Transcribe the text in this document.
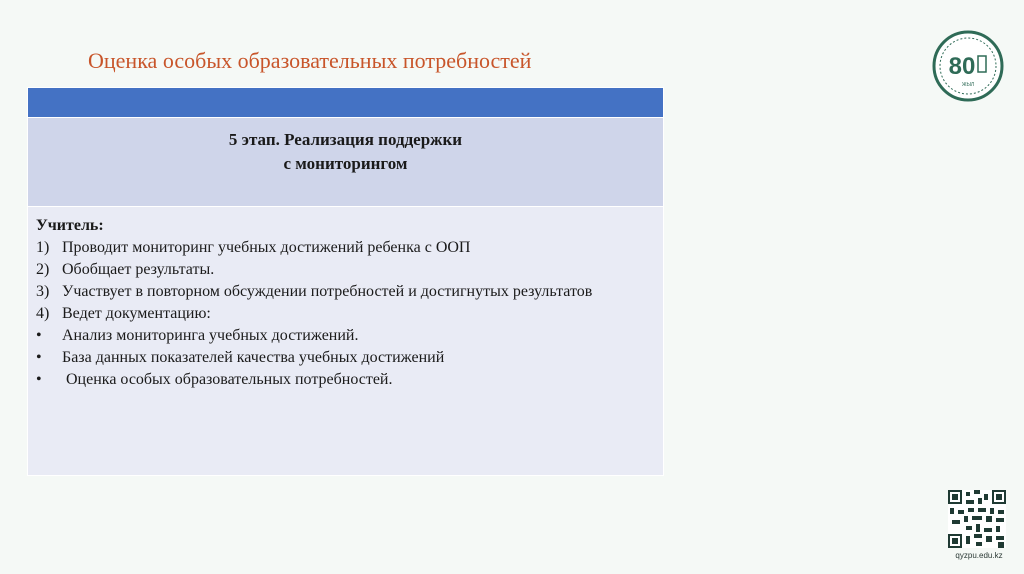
Оценка особых образовательных потребностей
5 этап. Реализация поддержки
с мониторингом
Учитель:
1) Проводит мониторинг учебных достижений ребенка с ООП
2) Обобщает результаты.
3) Участвует в повторном обсуждении потребностей и достигнутых результатов
4) Ведет документацию:
•	Анализ мониторинга учебных достижений.
•	База данных показателей качества учебных достижений
•	Оценка особых образовательных потребностей.
80
ЖЫЛ
qyzpu.edu.kz
